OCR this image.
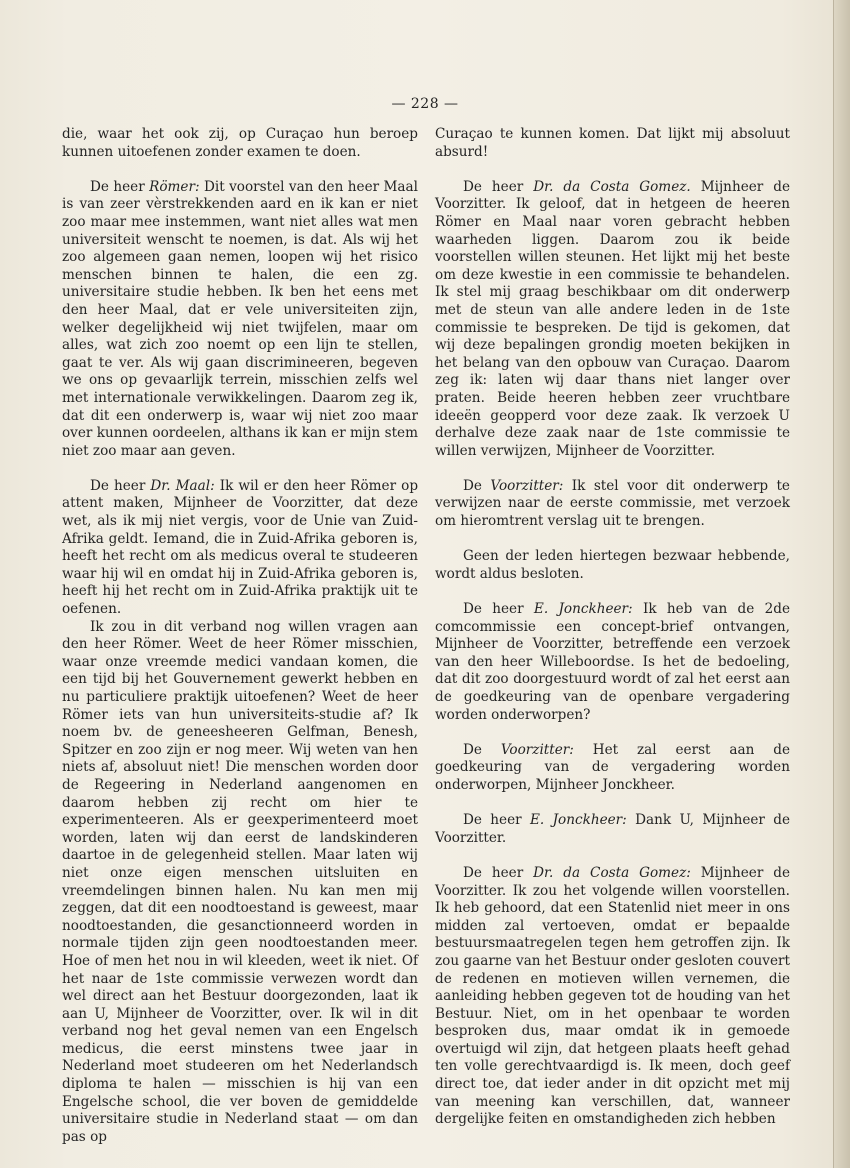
— 228 —

die, waar het ook zij, op Curaçao hun beroep kunnen uitoefenen zonder examen te doen.

De heer Römer: Dit voorstel van den heer Maal is van zeer vèrstrekkenden aard en ik kan er niet zoo maar mee instemmen, want niet alles wat men universiteit wenscht te noemen, is dat. Als wij het zoo algemeen gaan nemen, loopen wij het risico menschen binnen te halen, die een zg. universitaire studie hebben. Ik ben het eens met den heer Maal, dat er vele universiteiten zijn, welker degelijkheid wij niet twijfelen, maar om alles, wat zich zoo noemt op een lijn te stellen, gaat te ver. Als wij gaan discrimineeren, begeven we ons op gevaarlijk terrein, misschien zelfs wel met internationale verwikkelingen. Daarom zeg ik, dat dit een onderwerp is, waar wij niet zoo maar over kunnen oordeelen, althans ik kan er mijn stem niet zoo maar aan geven.

De heer Dr. Maal: Ik wil er den heer Römer op attent maken, Mijnheer de Voorzitter, dat deze wet, als ik mij niet vergis, voor de Unie van Zuid-Afrika geldt. Iemand, die in Zuid-Afrika geboren is, heeft het recht om als medicus overal te studeeren waar hij wil en omdat hij in Zuid-Afrika geboren is, heeft hij het recht om in Zuid-Afrika praktijk uit te oefenen.

Ik zou in dit verband nog willen vragen aan den heer Römer. Weet de heer Römer misschien, waar onze vreemde medici vandaan komen, die een tijd bij het Gouvernement gewerkt hebben en nu particuliere praktijk uitoefenen? Weet de heer Römer iets van hun universiteits-studie af? Ik noem bv. de geneesheeren Gelfman, Benesh, Spitzer en zoo zijn er nog meer. Wij weten van hen niets af, absoluut niet! Die menschen worden door de Regeering in Nederland aangenomen en daarom hebben zij recht om hier te experimenteeren. Als er geexperimenteerd moet worden, laten wij dan eerst de landskinderen daartoe in de gelegenheid stellen. Maar laten wij niet onze eigen menschen uitsluiten en vreemdelingen binnen halen. Nu kan men mij zeggen, dat dit een noodtoestand is geweest, maar noodtoestanden, die gesanctionneerd worden in normale tijden zijn geen noodtoestanden meer. Hoe of men het nou in wil kleeden, weet ik niet. Of het naar de 1ste commissie verwezen wordt dan wel direct aan het Bestuur doorgezonden, laat ik aan U, Mijnheer de Voorzitter, over. Ik wil in dit verband nog het geval nemen van een Engelsch medicus, die eerst minstens twee jaar in Nederland moet studeeren om het Nederlandsch diploma te halen — misschien is hij van een Engelsche school, die ver boven de gemiddelde universitaire studie in Nederland staat — om dan pas op

Curaçao te kunnen komen. Dat lijkt mij absoluut absurd!

De heer Dr. da Costa Gomez. Mijnheer de Voorzitter. Ik geloof, dat in hetgeen de heeren Römer en Maal naar voren gebracht hebben waarheden liggen. Daarom zou ik beide voorstellen willen steunen. Het lijkt mij het beste om deze kwestie in een commissie te behandelen. Ik stel mij graag beschikbaar om dit onderwerp met de steun van alle andere leden in de 1ste commissie te bespreken. De tijd is gekomen, dat wij deze bepalingen grondig moeten bekijken in het belang van den opbouw van Curaçao. Daarom zeg ik: laten wij daar thans niet langer over praten. Beide heeren hebben zeer vruchtbare ideeën geopperd voor deze zaak. Ik verzoek U derhalve deze zaak naar de 1ste commissie te willen verwijzen, Mijnheer de Voorzitter.

De Voorzitter: Ik stel voor dit onderwerp te verwijzen naar de eerste commissie, met verzoek om hieromtrent verslag uit te brengen.

Geen der leden hiertegen bezwaar hebbende, wordt aldus besloten.

De heer E. Jonckheer: Ik heb van de 2de comcommissie een concept-brief ontvangen, Mijnheer de Voorzitter, betreffende een verzoek van den heer Willeboordse. Is het de bedoeling, dat dit zoo doorgestuurd wordt of zal het eerst aan de goedkeuring van de openbare vergadering worden onderworpen?

De Voorzitter: Het zal eerst aan de goedkeuring van de vergadering worden onderworpen, Mijnheer Jonckheer.

De heer E. Jonckheer: Dank U, Mijnheer de Voorzitter.

De heer Dr. da Costa Gomez: Mijnheer de Voorzitter. Ik zou het volgende willen voorstellen. Ik heb gehoord, dat een Statenlid niet meer in ons midden zal vertoeven, omdat er bepaalde bestuursmaatregelen tegen hem getroffen zijn. Ik zou gaarne van het Bestuur onder gesloten couvert de redenen en motieven willen vernemen, die aanleiding hebben gegeven tot de houding van het Bestuur. Niet, om in het openbaar te worden besproken dus, maar omdat ik in gemoede overtuigd wil zijn, dat hetgeen plaats heeft gehad ten volle gerechtvaardigd is. Ik meen, doch geef direct toe, dat ieder ander in dit opzicht met mij van meening kan verschillen, dat, wanneer dergelijke feiten en omstandigheden zich hebben
